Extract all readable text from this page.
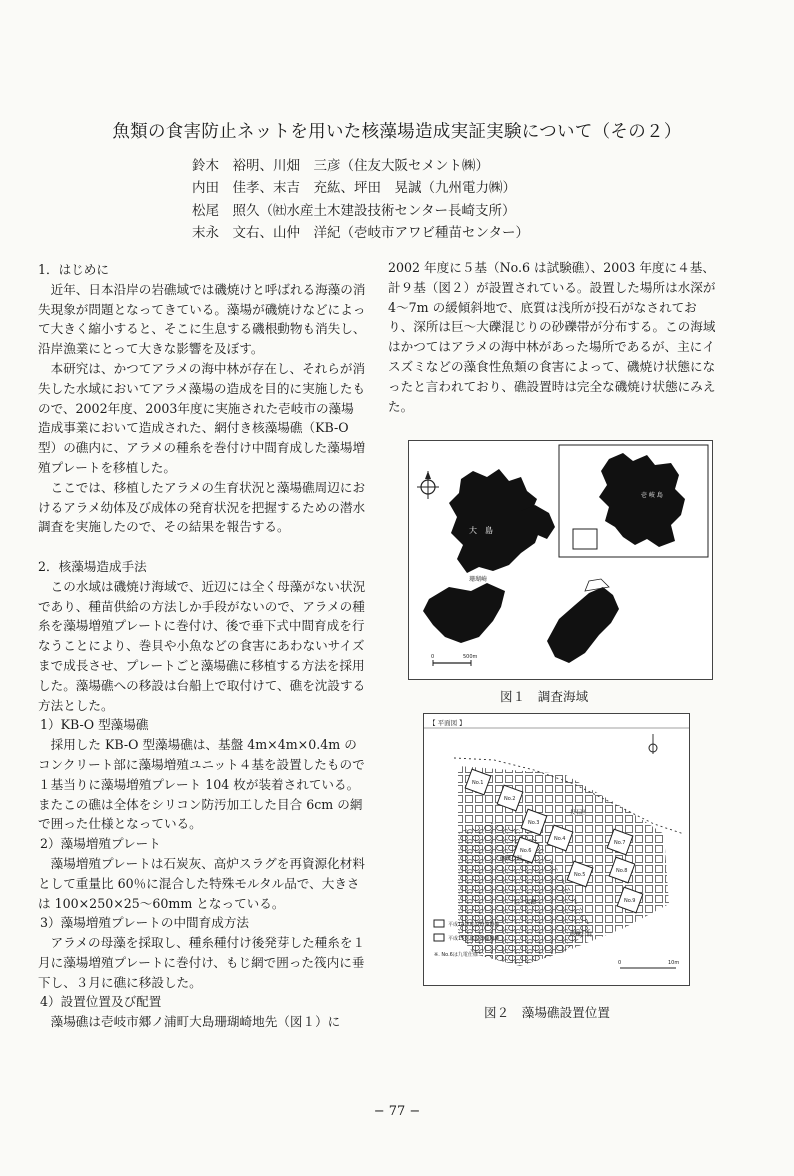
魚類の食害防止ネットを用いた核藻場造成実証実験について（その２）
鈴木　裕明、川畑　三彦（住友大阪セメント㈱）
内田　佳孝、末吉　充紘、坪田　晃誠（九州電力㈱）
松尾　照久（㈳水産土木建設技術センター長崎支所）
末永　文右、山仲　洋紀（壱岐市アワビ種苗センター）

1．はじめに

近年、日本沿岸の岩礁域では磯焼けと呼ばれる海藻の消失現象が問題となってきている。藻場が磯焼けなどによって大きく縮小すると、そこに生息する磯根動物も消失し、沿岸漁業にとって大きな影響を及ぼす。

本研究は、かつてアラメの海中林が存在し、それらが消失した水域においてアラメ藻場の造成を目的に実施したもので、2002年度、2003年度に実施された壱岐市の藻場造成事業において造成された、網付き核藻場礁（KB-O型）の礁内に、アラメの種糸を巻付け中間育成した藻場増殖プレートを移植した。

ここでは、移植したアラメの生育状況と藻場礁周辺におけるアラメ幼体及び成体の発育状況を把握するための潜水調査を実施したので、その結果を報告する。

2．核藻場造成手法

この水域は磯焼け海域で、近辺には全く母藻がない状況であり、種苗供給の方法しか手段がないので、アラメの種糸を藻場増殖プレートに巻付け、後で垂下式中間育成を行なうことにより、巻貝や小魚などの食害にあわないサイズまで成長させ、プレートごと藻場礁に移植する方法を採用した。藻場礁への移設は台船上で取付けて、礁を沈設する方法とした。

1）KB-O 型藻場礁

採用した KB-O 型藻場礁は、基盤 4m×4m×0.4m のコンクリート部に藻場増殖ユニット４基を設置したもので１基当りに藻場増殖プレート 104 枚が装着されている。またこの礁は全体をシリコン防汚加工した目合 6cm の網で囲った仕様となっている。

2）藻場増殖プレート

藻場増殖プレートは石炭灰、高炉スラグを再資源化材料として重量比 60％に混合した特殊モルタル品で、大きさは 100×250×25〜60mm となっている。

3）藻場増殖プレートの中間育成方法

アラメの母藻を採取し、種糸種付け後発芽した種糸を１月に藻場増殖プレートに巻付け、もじ網で囲った筏内に垂下し、３月に礁に移設した。

4）設置位置及び配置

藻場礁は壱岐市郷ノ浦町大島珊瑚崎地先（図１）に

2002 年度に５基（No.6 は試験礁）、2003 年度に４基、計９基（図２）が設置されている。設置した場所は水深が 4〜7m の緩傾斜地で、底質は浅所が投石がなされており、深所は巨〜大礫混じりの砂礫帯が分布する。この海域はかつてはアラメの海中林があった場所であるが、主にイスズミなどの藻食性魚類の食害によって、磯焼け状態になったと言われており、礁設置時は完全な磯焼け状態にみえた。

壱 岐 島
大　島
珊瑚崎
0	500m
図１　調査海域
【 平面図 】
No.1
No.2
No.3
No.4
No.5
No.6
No.7
No.8
No.9
投石区
砂礫石混
巨〜大礫
砂礫石混
平成14年度設置藻場礁
平成15年度設置藻場礁
※. No.6は九電仕様
0	10m
図２　藻場礁設置位置
− 77 −
